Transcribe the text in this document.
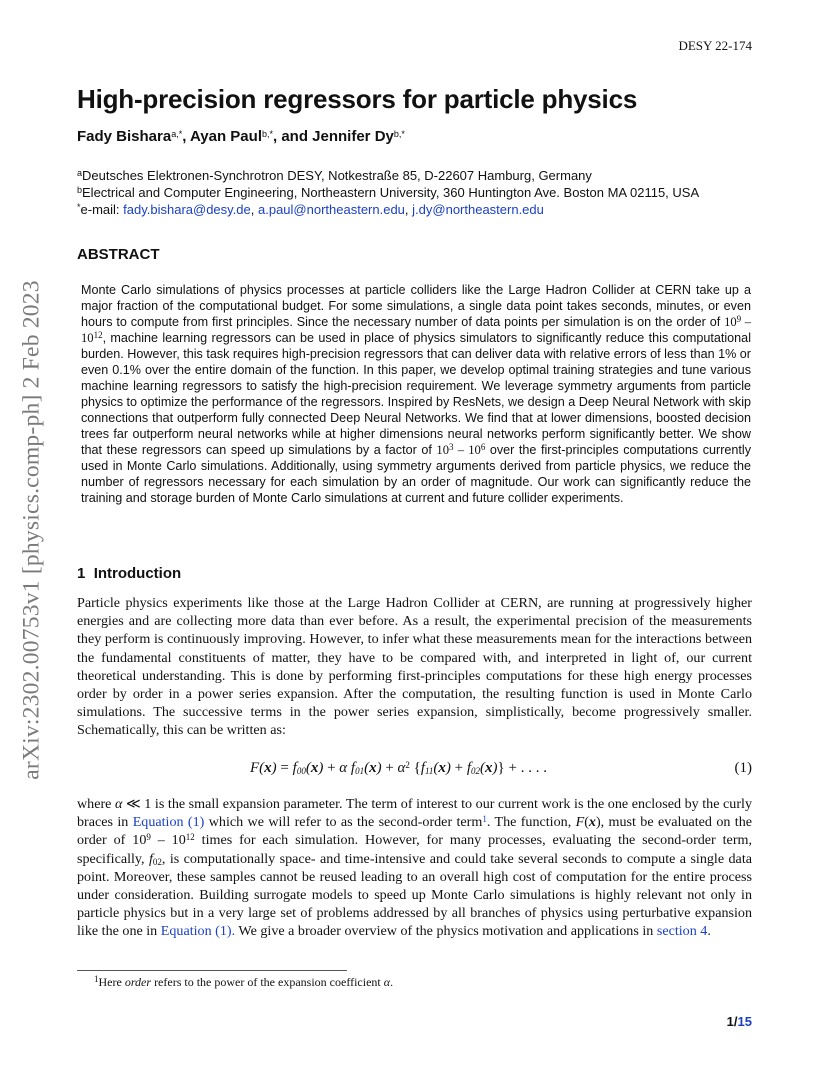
DESY 22-174
High-precision regressors for particle physics
Fady Bishara$^{a,*}$, Ayan Paul$^{b,*}$, and Jennifer $Dy^{b,*}$
$^a$Deutsches Elektronen-Synchrotron DESY, Notkestraße 85, D-22607 Hamburg, Germany
$^b$Electrical and Computer Engineering, Northeastern University, 360 Huntington Ave. Boston MA 02115, USA
*e-mail: fady.bishara@desy.de, a.paul@northeastern.edu, j.dy@northeastern.edu
ABSTRACT
Monte Carlo simulations of physics processes at particle colliders like the Large Hadron Collider at CERN take up a major fraction of the computational budget. For some simulations, a single data point takes seconds, minutes, or even hours to compute from first principles. Since the necessary number of data points per simulation is on the order of $10^9 - 10^{12}$, machine learning regressors can be used in place of physics simulators to significantly reduce this computational burden. However, this task requires high-precision regressors that can deliver data with relative errors of less than 1% or even 0.1% over the entire domain of the function. In this paper, we develop optimal training strategies and tune various machine learning regressors to satisfy the high-precision requirement. We leverage symmetry arguments from particle physics to optimize the performance of the regressors. Inspired by ResNets, we design a Deep Neural Network with skip connections that outperform fully connected Deep Neural Networks. We find that at lower dimensions, boosted decision trees far outperform neural networks while at higher dimensions neural networks perform significantly better. We show that these regressors can speed up simulations by a factor of $10^3 - 10^6$ over the first-principles computations currently used in Monte Carlo simulations. Additionally, using symmetry arguments derived from particle physics, we reduce the number of regressors necessary for each simulation by an order of magnitude. Our work can significantly reduce the training and storage burden of Monte Carlo simulations at current and future collider experiments.
1 Introduction
Particle physics experiments like those at the Large Hadron Collider at CERN, are running at progressively higher energies and are collecting more data than ever before. As a result, the experimental precision of the measurements they perform is continuously improving. However, to infer what these measurements mean for the interactions between the fundamental constituents of matter, they have to be compared with, and interpreted in light of, our current theoretical understanding. This is done by performing first-principles computations for these high energy processes order by order in a power series expansion. After the computation, the resulting function is used in Monte Carlo simulations. The successive terms in the power series expansion, simplistically, become progressively smaller. Schematically, this can be written as:
$F(x) = f_{00}(x) + \alpha$ $f_{01}(x) + \alpha^2$ $\{f_{11}(x) + f_{02}(x)\}$ + . . . .	(1)
where α ≪ 1 is the small expansion parameter. The term of interest to our current work is the one enclosed by the curly braces in Equation (1) which we will refer to as the second-order term$^1$. The function, F(x), must be evaluated on the order of $10^9 - 10^{12}$ times for each simulation. However, for many processes, evaluating the second-order term, specifically, $f_{02}$, is computationally space- and time-intensive and could take several seconds to compute a single data point. Moreover, these samples cannot be reused leading to an overall high cost of computation for the entire process under consideration. Building surrogate models to speed up Monte Carlo simulations is highly relevant not only in particle physics but in a very large set of problems addressed by all branches of physics using perturbative expansion like the one in Equation (1). We give a broader overview of the physics motivation and applications in section 4.
$^1$Here order refers to the power of the expansion coefficient α.
1/15
arXiv:2302.00753v1 [physics.comp-ph] 2 Feb 2023
